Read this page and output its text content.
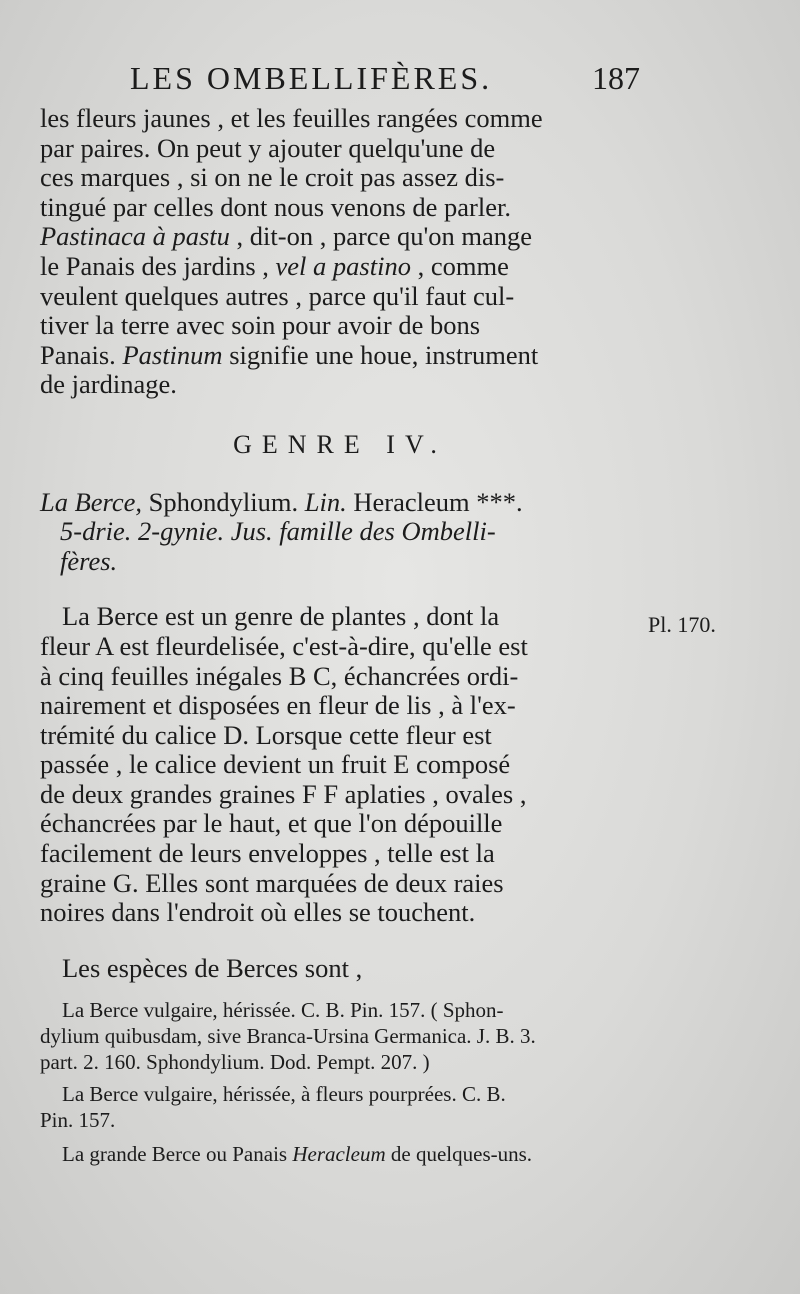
LES OMBELLIFÈRES.	187

les fleurs jaunes , et les feuilles rangées comme

par paires. On peut y ajouter quelqu'une de

ces marques , si on ne le croit pas assez dis-

tingué par celles dont nous venons de parler.

Pastinaca à pastu , dit-on , parce qu'on mange

le Panais des jardins , vel a pastino , comme

veulent quelques autres , parce qu'il faut cul-

tiver la terre avec soin pour avoir de bons

Panais. Pastinum signifie une houe, instrument

de jardinage.

GENRE IV.

La Berce, Sphondylium. Lin. Heracleum ***.

5-drie. 2-gynie. Jus. famille des Ombelli-

fères.

La Berce est un genre de plantes , dont la

fleur A est fleurdelisée, c'est-à-dire, qu'elle est

à cinq feuilles inégales B C, échancrées ordi-

nairement et disposées en fleur de lis , à l'ex-

trémité du calice D. Lorsque cette fleur est

passée , le calice devient un fruit E composé

de deux grandes graines F F aplaties , ovales ,

échancrées par le haut, et que l'on dépouille

facilement de leurs enveloppes , telle est la

graine G. Elles sont marquées de deux raies

noires dans l'endroit où elles se touchent.

Les espèces de Berces sont ,

La Berce vulgaire, hérissée. C. B. Pin. 157. ( Sphon-

dylium quibusdam, sive Branca-Ursina Germanica. J. B. 3.

part. 2. 160. Sphondylium. Dod. Pempt. 207. )

La Berce vulgaire, hérissée, à fleurs pourprées. C. B.

Pin. 157.

La grande Berce ou Panais Heracleum de quelques-uns.

Pl. 170.
